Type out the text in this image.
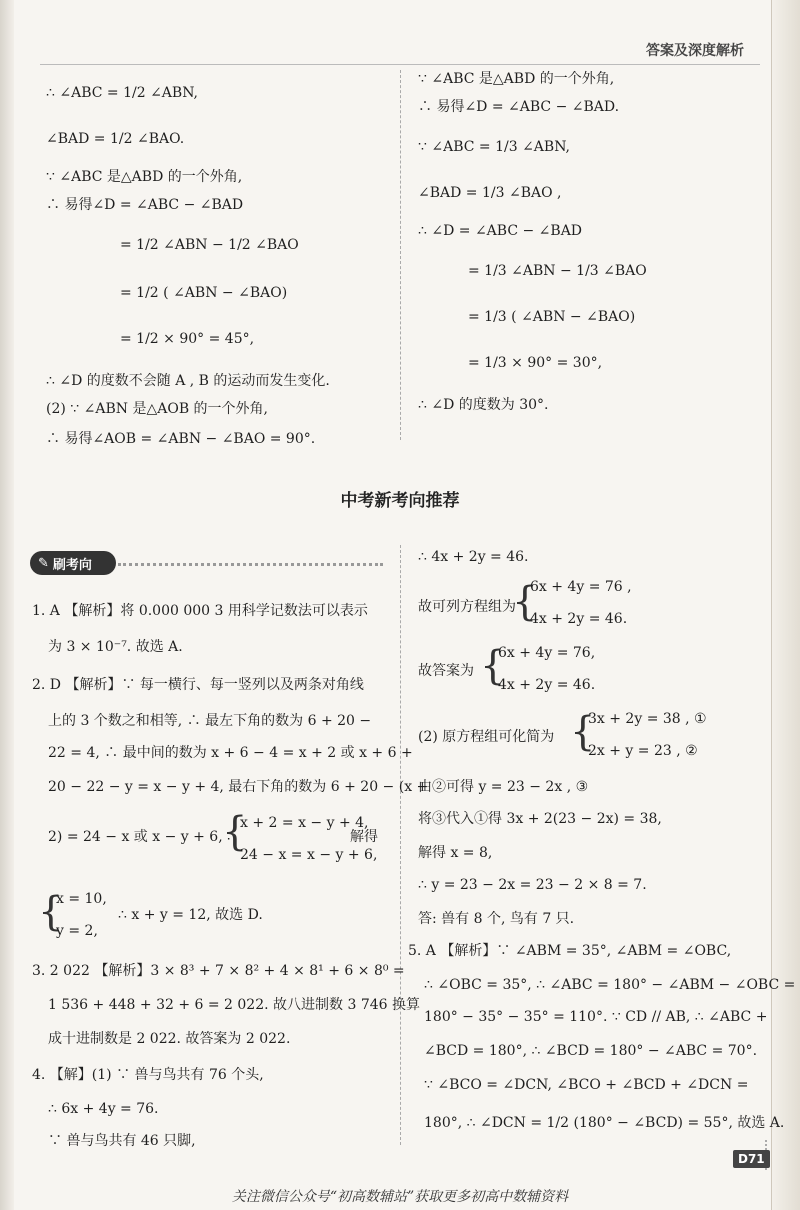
答案及深度解析
∴ ∠ABC = 1/2 ∠ABN,
∠BAD = 1/2 ∠BAO.
∵ ∠ABC 是△ABD 的一个外角,
∴ 易得∠D = ∠ABC − ∠BAD
= 1/2 ∠ABN − 1/2 ∠BAO
= 1/2 ( ∠ABN − ∠BAO)
= 1/2 × 90° = 45°,
∴ ∠D 的度数不会随 A , B 的运动而发生变化.
(2) ∵ ∠ABN 是△AOB 的一个外角,
∴ 易得∠AOB = ∠ABN − ∠BAO = 90°.
∵ ∠ABC 是△ABD 的一个外角,
∴ 易得∠D = ∠ABC − ∠BAD.
∵ ∠ABC = 1/3 ∠ABN,
∠BAD = 1/3 ∠BAO ,
∴ ∠D = ∠ABC − ∠BAD
= 1/3 ∠ABN − 1/3 ∠BAO
= 1/3 ( ∠ABN − ∠BAO)
= 1/3 × 90° = 30°,
∴ ∠D 的度数为 30°.
中考新考向推荐
✎ 刷考向
1. A 【解析】将 0.000 000 3 用科学记数法可以表示
为 3 × 10⁻⁷. 故选 A.
2. D 【解析】∵ 每一横行、每一竖列以及两条对角线
上的 3 个数之和相等, ∴ 最左下角的数为 6 + 20 −
22 = 4, ∴ 最中间的数为 x + 6 − 4 = x + 2 或 x + 6 +
20 − 22 − y = x − y + 4, 最右下角的数为 6 + 20 − (x +
2) = 24 − x 或 x − y + 6, ∴
{
x + 2 = x − y + 4,
24 − x = x − y + 6,
解得
{
x = 10,
y = 2,
∴ x + y = 12, 故选 D.
3. 2 022 【解析】3 × 8³ + 7 × 8² + 4 × 8¹ + 6 × 8⁰ =
1 536 + 448 + 32 + 6 = 2 022. 故八进制数 3 746 换算
成十进制数是 2 022. 故答案为 2 022.
4. 【解】(1) ∵ 兽与鸟共有 76 个头,
∴ 6x + 4y = 76.
∵ 兽与鸟共有 46 只脚,
∴ 4x + 2y = 46.
故可列方程组为
{
6x + 4y = 76 ,
4x + 2y = 46.
故答案为 {
6x + 4y = 76,
4x + 2y = 46.
(2) 原方程组可化简为 {
3x + 2y = 38 , ①
2x + y = 23 , ②
由②可得 y = 23 − 2x , ③
将③代入①得 3x + 2(23 − 2x) = 38,
解得 x = 8,
∴ y = 23 − 2x = 23 − 2 × 8 = 7.
答: 兽有 8 个, 鸟有 7 只.
5. A 【解析】∵ ∠ABM = 35°, ∠ABM = ∠OBC,
∴ ∠OBC = 35°, ∴ ∠ABC = 180° − ∠ABM − ∠OBC =
180° − 35° − 35° = 110°. ∵ CD // AB, ∴ ∠ABC +
∠BCD = 180°, ∴ ∠BCD = 180° − ∠ABC = 70°.
∵ ∠BCO = ∠DCN, ∠BCO + ∠BCD + ∠DCN =
180°, ∴ ∠DCN = 1/2 (180° − ∠BCD) = 55°, 故选 A.
D71
关注微信公众号“初高数辅站”获取更多初高中数辅资料
